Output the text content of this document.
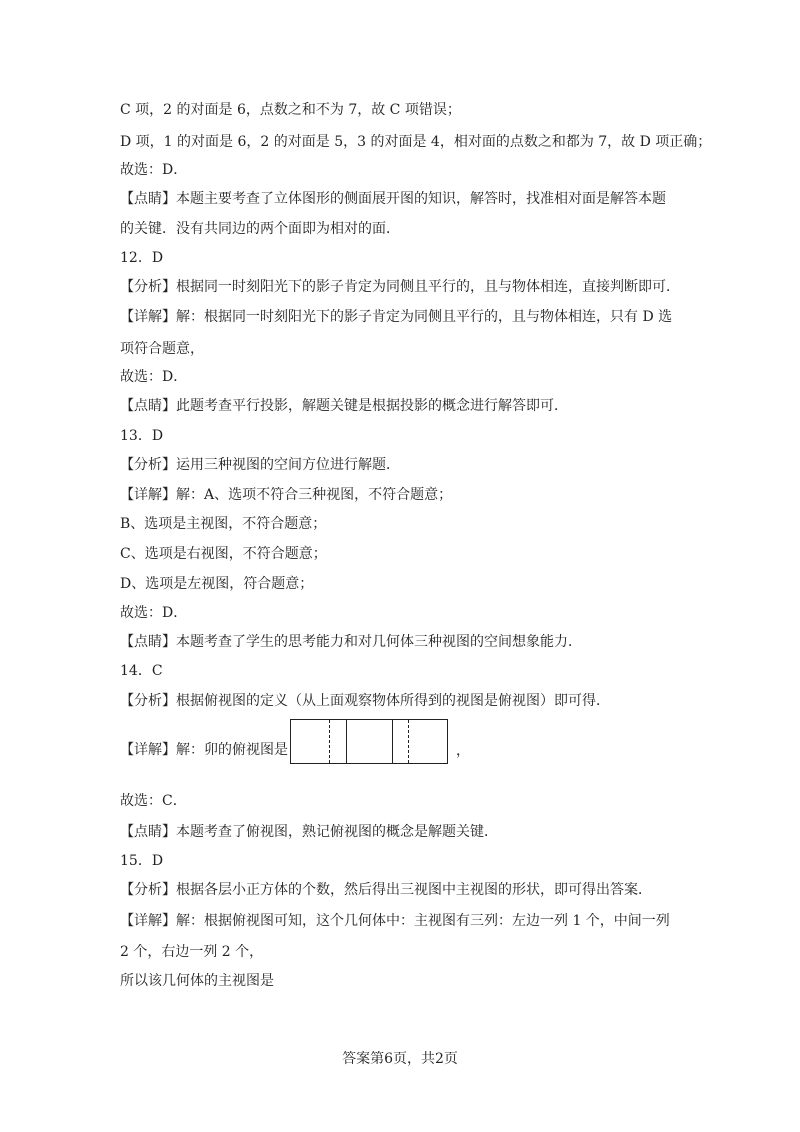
C 项，2 的对面是 6，点数之和不为 7，故 C 项错误；
D 项，1 的对面是 6，2 的对面是 5，3 的对面是 4，相对面的点数之和都为 7，故 D 项正确；
故选：D．
【点睛】本题主要考查了立体图形的侧面展开图的知识，解答时，找准相对面是解答本题
的关键．没有共同边的两个面即为相对的面．
12．D
【分析】根据同一时刻阳光下的影子肯定为同侧且平行的，且与物体相连，直接判断即可．
【详解】解：根据同一时刻阳光下的影子肯定为同侧且平行的，且与物体相连，只有 D 选
项符合题意，
故选：D．
【点睛】此题考查平行投影，解题关键是根据投影的概念进行解答即可．
13．D
【分析】运用三种视图的空间方位进行解题．
【详解】解：A、选项不符合三种视图，不符合题意；
B、选项是主视图，不符合题意；
C、选项是右视图，不符合题意；
D、选项是左视图，符合题意；
故选：D．
【点睛】本题考查了学生的思考能力和对几何体三种视图的空间想象能力．
14．C
【分析】根据俯视图的定义（从上面观察物体所得到的视图是俯视图）即可得．
【详解】解：卯的俯视图是	，
故选：C．
【点睛】本题考查了俯视图，熟记俯视图的概念是解题关键．
15．D
【分析】根据各层小正方体的个数，然后得出三视图中主视图的形状，即可得出答案．
【详解】解：根据俯视图可知，这个几何体中：主视图有三列：左边一列 1 个，中间一列
2 个，右边一列 2 个，
所以该几何体的主视图是
答案第6页，共2页
